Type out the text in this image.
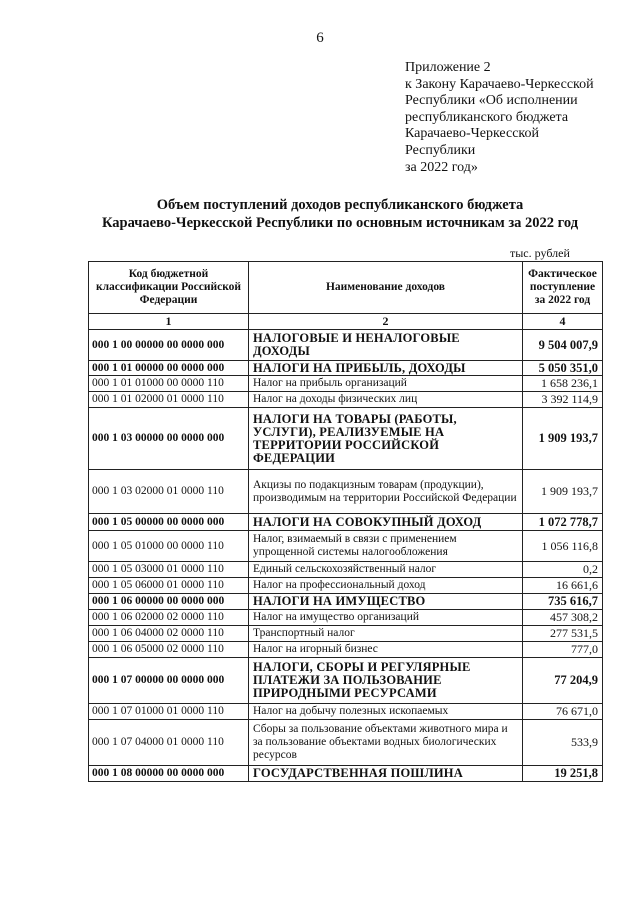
6
Приложение 2
к Закону Карачаево-Черкесской
Республики «Об исполнении
республиканского бюджета
Карачаево-Черкесской
Республики
за 2022 год»
Объем поступлений доходов республиканского бюджета
Карачаево-Черкесской Республики по основным источникам за 2022 год
тыс. рублей
Код бюджетной классификации Российской Федерации	Наименование доходов	Фактическое поступление за 2022 год
1	2	4
000 1 00 00000 00 0000 000	НАЛОГОВЫЕ И НЕНАЛОГОВЫЕ ДОХОДЫ	9 504 007,9
000 1 01 00000 00 0000 000	НАЛОГИ НА ПРИБЫЛЬ, ДОХОДЫ	5 050 351,0
000 1 01 01000 00 0000 110	Налог на прибыль организаций	1 658 236,1
000 1 01 02000 01 0000 110	Налог на доходы физических лиц	3 392 114,9
000 1 03 00000 00 0000 000	НАЛОГИ НА ТОВАРЫ (РАБОТЫ, УСЛУГИ), РЕАЛИЗУЕМЫЕ НА ТЕРРИТОРИИ РОССИЙСКОЙ ФЕДЕРАЦИИ	1 909 193,7
000 1 03 02000 01 0000 110	Акцизы по подакцизным товарам (продукции), производимым на территории Российской Федерации	1 909 193,7
000 1 05 00000 00 0000 000	НАЛОГИ НА СОВОКУПНЫЙ ДОХОД	1 072 778,7
000 1 05 01000 00 0000 110	Налог, взимаемый в связи с применением упрощенной системы налогообложения	1 056 116,8
000 1 05 03000 01 0000 110	Единый сельскохозяйственный налог	0,2
000 1 05 06000 01 0000 110	Налог на профессиональный доход	16 661,6
000 1 06 00000 00 0000 000	НАЛОГИ НА ИМУЩЕСТВО	735 616,7
000 1 06 02000 02 0000 110	Налог на имущество организаций	457 308,2
000 1 06 04000 02 0000 110	Транспортный налог	277 531,5
000 1 06 05000 02 0000 110	Налог на игорный бизнес	777,0
000 1 07 00000 00 0000 000	НАЛОГИ, СБОРЫ И РЕГУЛЯРНЫЕ ПЛАТЕЖИ ЗА ПОЛЬЗОВАНИЕ ПРИРОДНЫМИ РЕСУРСАМИ	77 204,9
000 1 07 01000 01 0000 110	Налог на добычу полезных ископаемых	76 671,0
000 1 07 04000 01 0000 110	Сборы за пользование объектами животного мира и за пользование объектами водных биологических ресурсов	533,9
000 1 08 00000 00 0000 000	ГОСУДАРСТВЕННАЯ ПОШЛИНА	19 251,8
